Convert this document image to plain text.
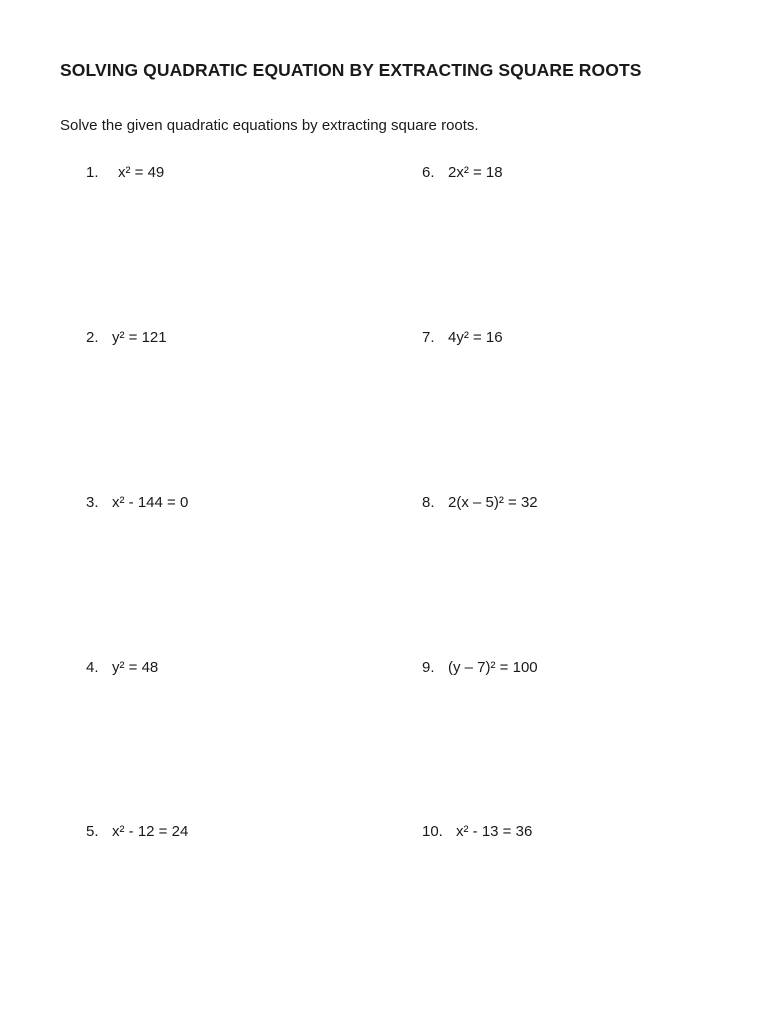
SOLVING QUADRATIC EQUATION BY EXTRACTING SQUARE ROOTS
Solve the given quadratic equations by extracting square roots.
1. x² = 49
2. y² = 121
3. x² - 144 = 0
4. y² = 48
5. x² - 12 = 24
6. 2x² = 18
7. 4y² = 16
8. 2(x – 5)² = 32
9. (y – 7)² = 100
10. x² - 13 = 36
